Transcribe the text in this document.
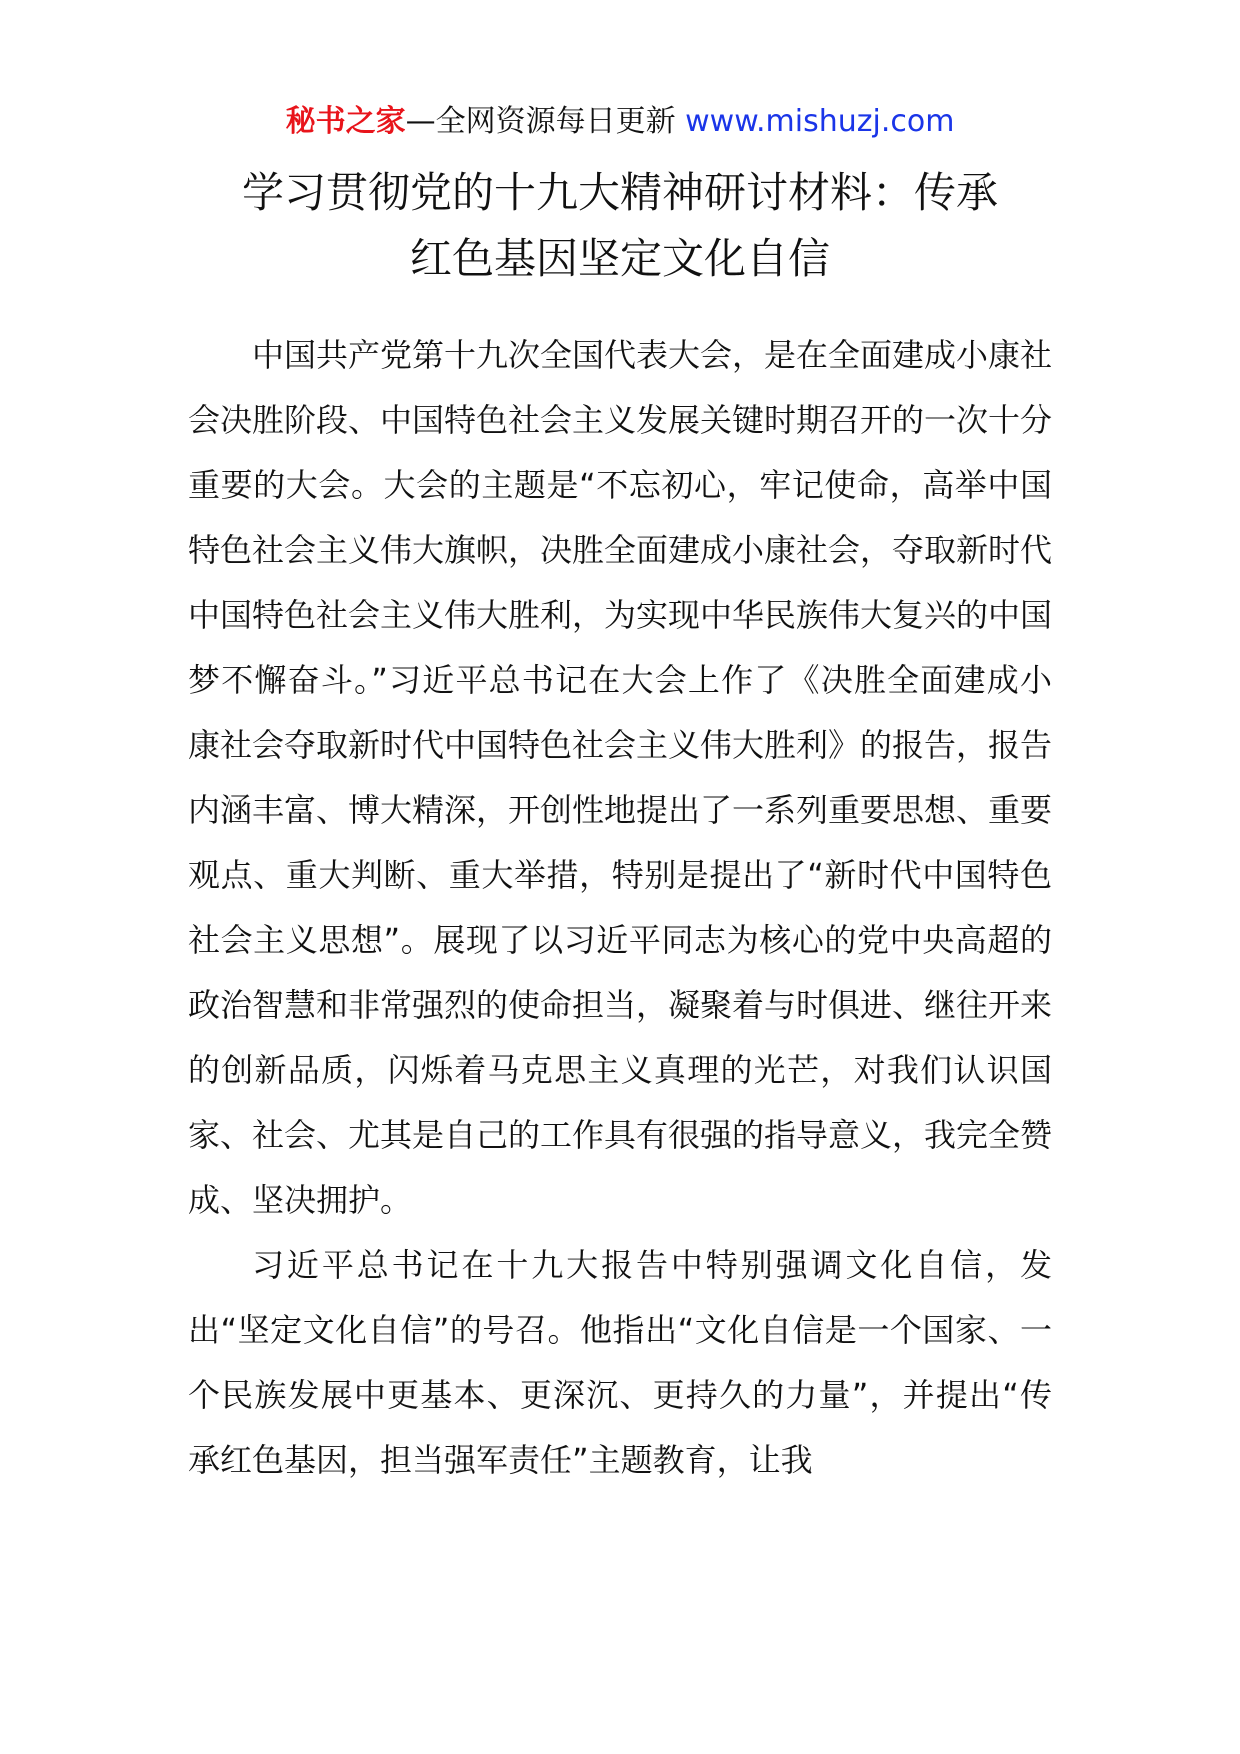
秘书之家—全网资源每日更新 www.mishuzj.com
学习贯彻党的十九大精神研讨材料：传承
红色基因坚定文化自信

中国共产党第十九次全国代表大会，是在全面建成小康社会决胜阶段、中国特色社会主义发展关键时期召开的一次十分重要的大会。大会的主题是“不忘初心，牢记使命，高举中国特色社会主义伟大旗帜，决胜全面建成小康社会，夺取新时代中国特色社会主义伟大胜利，为实现中华民族伟大复兴的中国梦不懈奋斗。”习近平总书记在大会上作了《决胜全面建成小康社会夺取新时代中国特色社会主义伟大胜利》的报告，报告内涵丰富、博大精深，开创性地提出了一系列重要思想、重要观点、重大判断、重大举措，特别是提出了“新时代中国特色社会主义思想”。展现了以习近平同志为核心的党中央高超的政治智慧和非常强烈的使命担当，凝聚着与时俱进、继往开来的创新品质，闪烁着马克思主义真理的光芒，对我们认识国家、社会、尤其是自己的工作具有很强的指导意义，我完全赞成、坚决拥护。

习近平总书记在十九大报告中特别强调文化自信，发出“坚定文化自信”的号召。他指出“文化自信是一个国家、一个民族发展中更基本、更深沉、更持久的力量”，并提出“传承红色基因，担当强军责任”主题教育，让我
